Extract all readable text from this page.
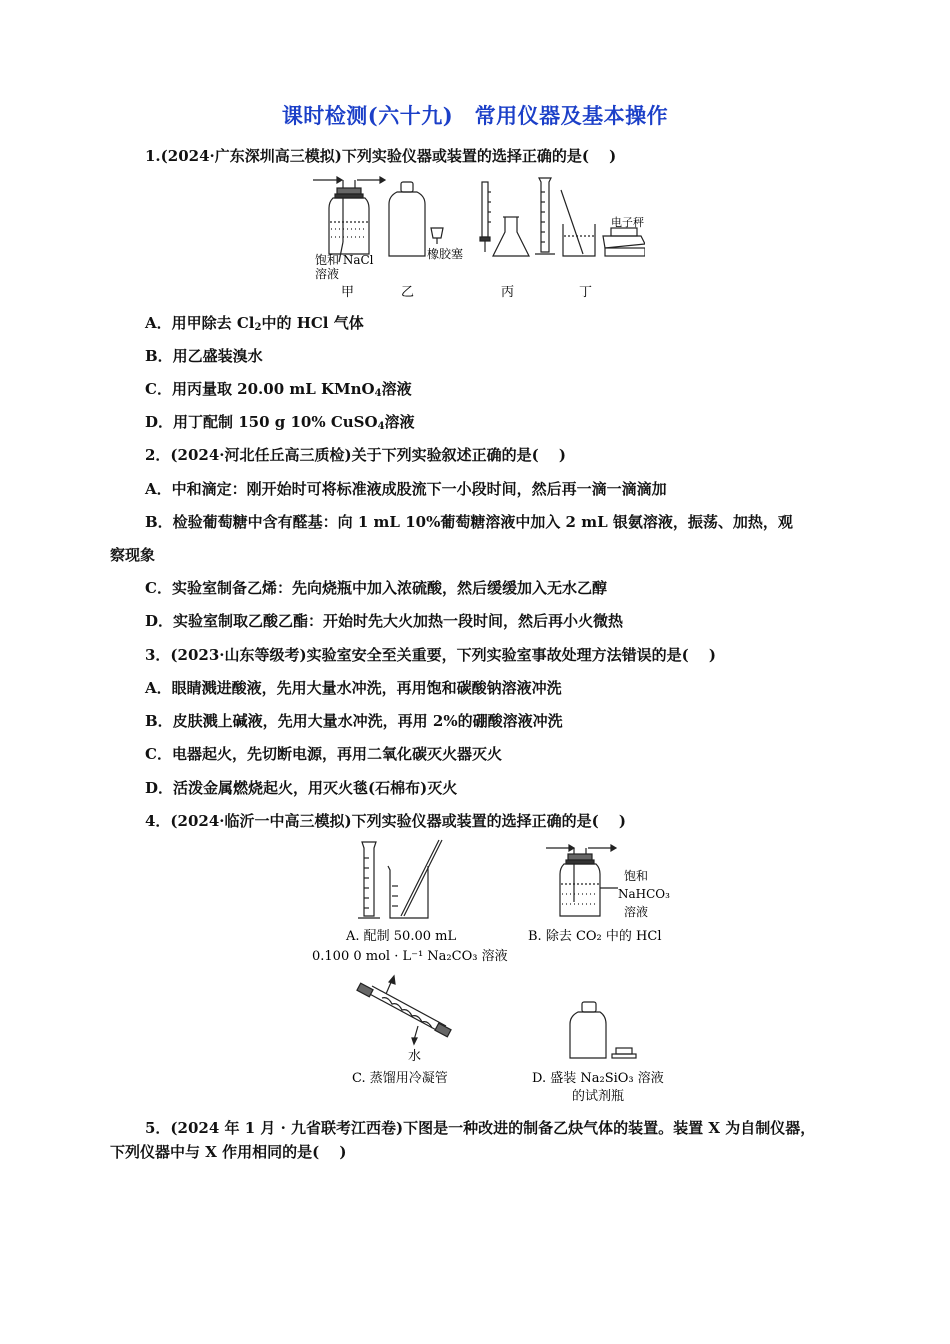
课时检测(六十九)　常用仪器及基本操作
1.(2024·广东深圳高三模拟)下列实验仪器或装置的选择正确的是(　 )
饱和 NaCl
溶液
甲
橡胶塞
乙	丙
电子秤
丁
A．用甲除去 $Cl_2$中的 HCl 气体
B．用乙盛装溴水
C．用丙量取 20.00 mL KMnO$_4$溶液
D．用丁配制 150 g 10% CuSO$_4$溶液
2．(2024·河北任丘高三质检)关于下列实验叙述正确的是(　 )
A．中和滴定：刚开始时可将标准液成股流下一小段时间，然后再一滴一滴滴加
B．检验葡萄糖中含有醛基：向 1 mL 10%葡萄糖溶液中加入 2 mL 银氨溶液，振荡、加热，观
察现象
C．实验室制备乙烯：先向烧瓶中加入浓硫酸，然后缓缓加入无水乙醇
D．实验室制取乙酸乙酯：开始时先大火加热一段时间，然后再小火微热
3．(2023·山东等级考)实验室安全至关重要，下列实验室事故处理方法错误的是(　 )
A．眼睛溅进酸液，先用大量水冲洗，再用饱和碳酸钠溶液冲洗
B．皮肤溅上碱液，先用大量水冲洗，再用 2%的硼酸溶液冲洗
C．电器起火，先切断电源，再用二氧化碳灭火器灭火
D．活泼金属燃烧起火，用灭火毯(石棉布)灭火
4．(2024·临沂一中高三模拟)下列实验仪器或装置的选择正确的是(　 )
A. 配制 50.00 mL
0.100 0 mol · L⁻¹ Na₂CO₃ 溶液
饱和
NaHCO₃
溶液
B. 除去 CO₂ 中的 HCl
水
C. 蒸馏用冷凝管	D. 盛装 Na₂SiO₃ 溶液
的试剂瓶
5．(2024 年 1 月 · 九省联考江西卷)下图是一种改进的制备乙炔气体的装置。装置 X 为自制仪器，
下列仪器中与 X 作用相同的是(　 )
